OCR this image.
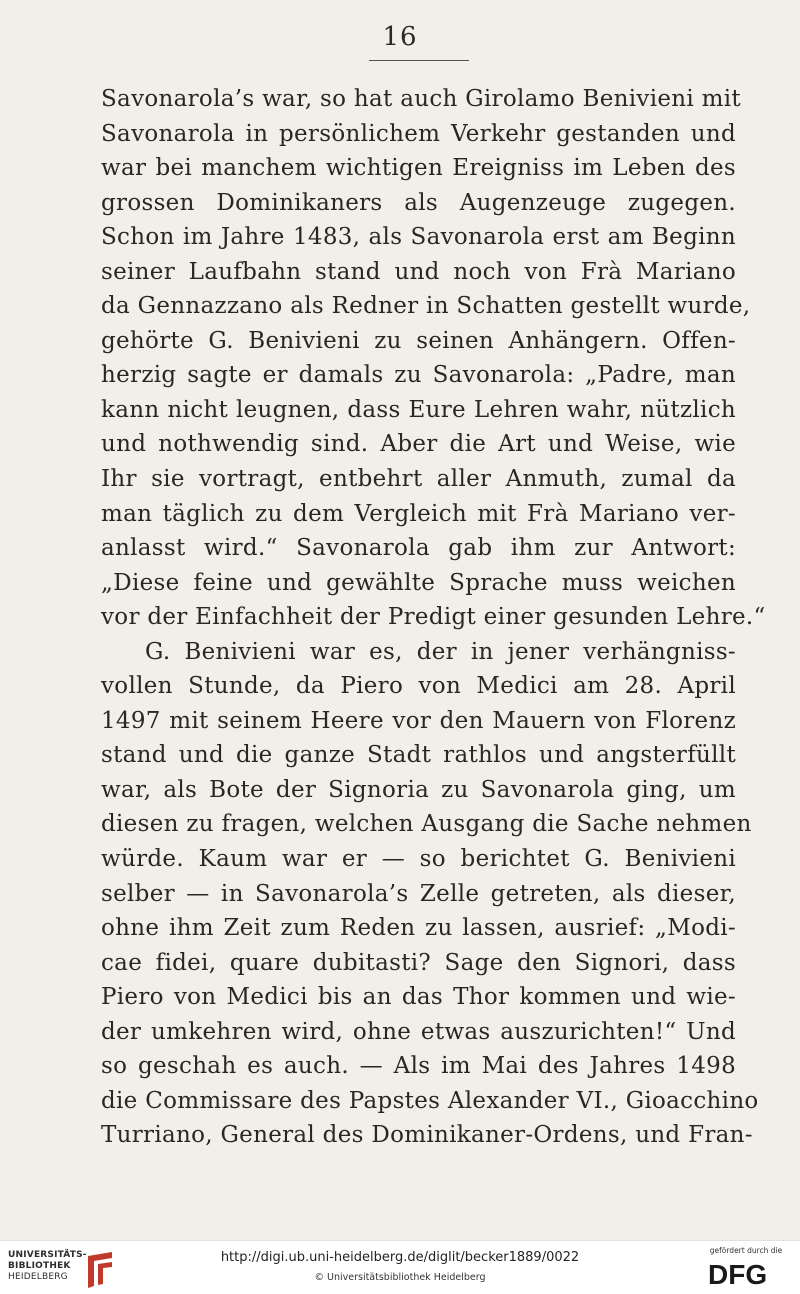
16
Savonarola’s war, so hat auch Girolamo Benivieni mit
Savonarola in persönlichem Verkehr gestanden und
war bei manchem wichtigen Ereigniss im Leben des
grossen Dominikaners als Augenzeuge zugegen.
Schon im Jahre 1483, als Savonarola erst am Beginn
seiner Laufbahn stand und noch von Frà Mariano
da Gennazzano als Redner in Schatten gestellt wurde,
gehörte G. Benivieni zu seinen Anhängern. Offen-
herzig sagte er damals zu Savonarola: „Padre, man
kann nicht leugnen, dass Eure Lehren wahr, nützlich
und nothwendig sind. Aber die Art und Weise, wie
Ihr sie vortragt, entbehrt aller Anmuth, zumal da
man täglich zu dem Vergleich mit Frà Mariano ver-
anlasst wird.“ Savonarola gab ihm zur Antwort:
„Diese feine und gewählte Sprache muss weichen
vor der Einfachheit der Predigt einer gesunden Lehre.“
G. Benivieni war es, der in jener verhängniss-
vollen Stunde, da Piero von Medici am 28. April
1497 mit seinem Heere vor den Mauern von Florenz
stand und die ganze Stadt rathlos und angsterfüllt
war, als Bote der Signoria zu Savonarola ging, um
diesen zu fragen, welchen Ausgang die Sache nehmen
würde. Kaum war er — so berichtet G. Benivieni
selber — in Savonarola’s Zelle getreten, als dieser,
ohne ihm Zeit zum Reden zu lassen, ausrief: „Modi-
cae fidei, quare dubitasti? Sage den Signori, dass
Piero von Medici bis an das Thor kommen und wie-
der umkehren wird, ohne etwas auszurichten!“ Und
so geschah es auch. — Als im Mai des Jahres 1498
die Commissare des Papstes Alexander VI., Gioacchino
Turriano, General des Dominikaner-Ordens, und Fran-
UNIVERSITÄTS-
BIBLIOTHEK
HEIDELBERG
http://digi.ub.uni-heidelberg.de/diglit/becker1889/0022
© Universitätsbibliothek Heidelberg
gefördert durch die
DFG
